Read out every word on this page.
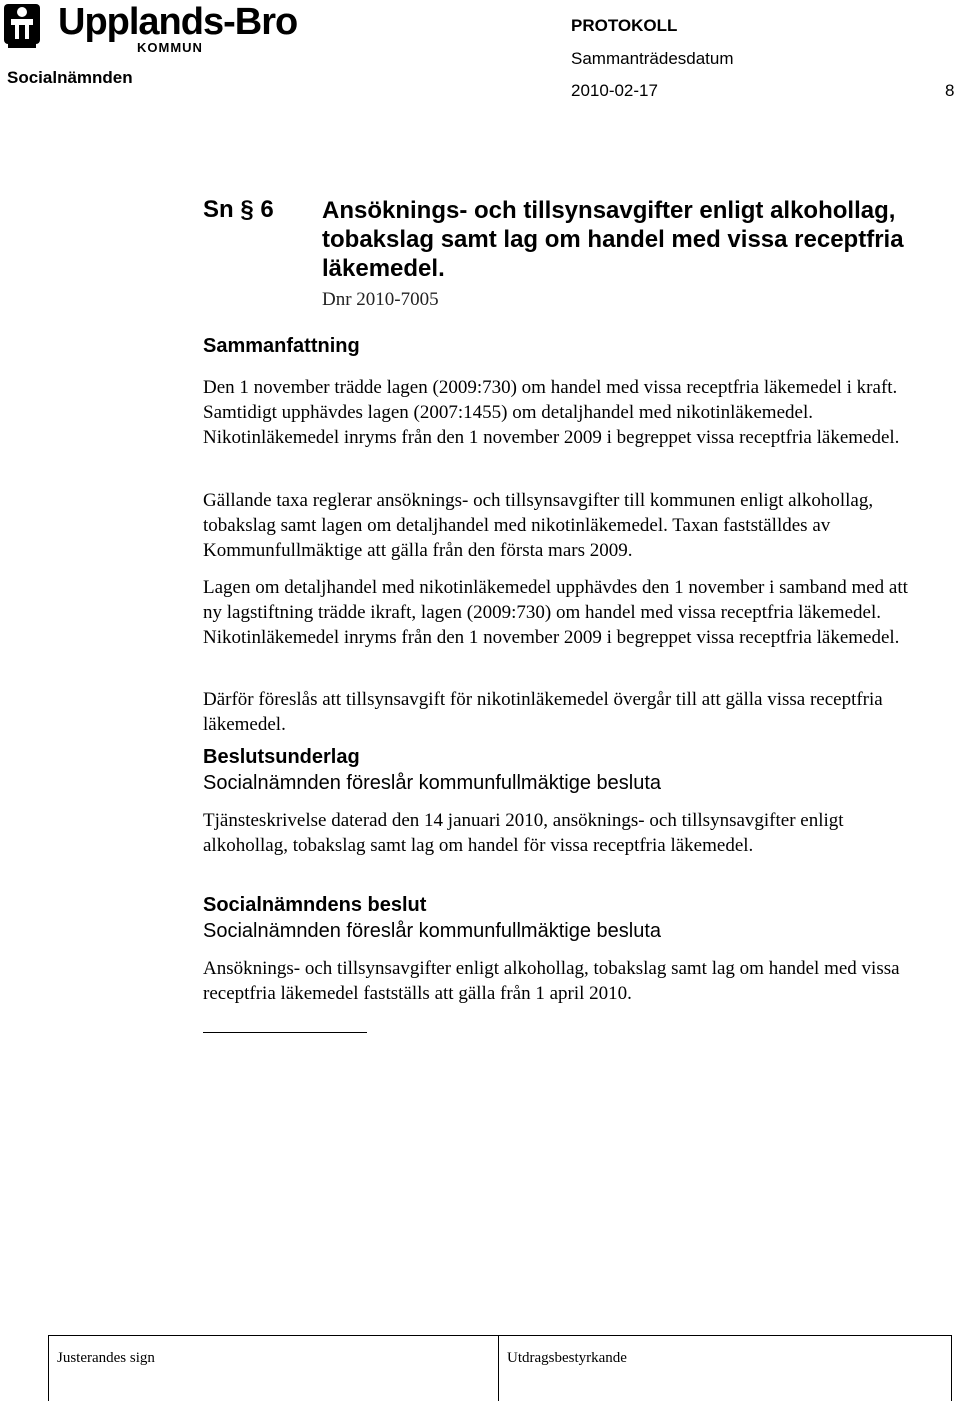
Upplands-Bro
KOMMUN
Socialnämnden
PROTOKOLL
Sammanträdesdatum
2010-02-17	8
Sn § 6 Ansöknings- och tillsynsavgifter enligt alkohollag, tobakslag samt lag om handel med vissa receptfria läkemedel.
Dnr 2010-7005
Sammanfattning

Den 1 november trädde lagen (2009:730) om handel med vissa receptfria läkemedel i kraft. Samtidigt upphävdes lagen (2007:1455) om detaljhandel med nikotinläkemedel. Nikotinläkemedel inryms från den 1 november 2009 i begreppet vissa receptfria läkemedel.

Gällande taxa reglerar ansöknings- och tillsynsavgifter till kommunen enligt alkohollag, tobakslag samt lagen om detaljhandel med nikotinläkemedel. Taxan fastställdes av Kommunfullmäktige att gälla från den första mars 2009.

Lagen om detaljhandel med nikotinläkemedel upphävdes den 1 november i samband med att ny lagstiftning trädde ikraft, lagen (2009:730) om handel med vissa receptfria läkemedel. Nikotinläkemedel inryms från den 1 november 2009 i begreppet vissa receptfria läkemedel.

Därför föreslås att tillsynsavgift för nikotinläkemedel övergår till att gälla vissa receptfria läkemedel.

Beslutsunderlag
Socialnämnden föreslår kommunfullmäktige besluta

Tjänsteskrivelse daterad den 14 januari 2010, ansöknings- och tillsynsavgifter enligt alkohollag, tobakslag samt lag om handel för vissa receptfria läkemedel.

Socialnämndens beslut
Socialnämnden föreslår kommunfullmäktige besluta

Ansöknings- och tillsynsavgifter enligt alkohollag, tobakslag samt lag om handel med vissa receptfria läkemedel fastställs att gälla från 1 april 2010.

Justerandes sign	Utdragsbestyrkande
